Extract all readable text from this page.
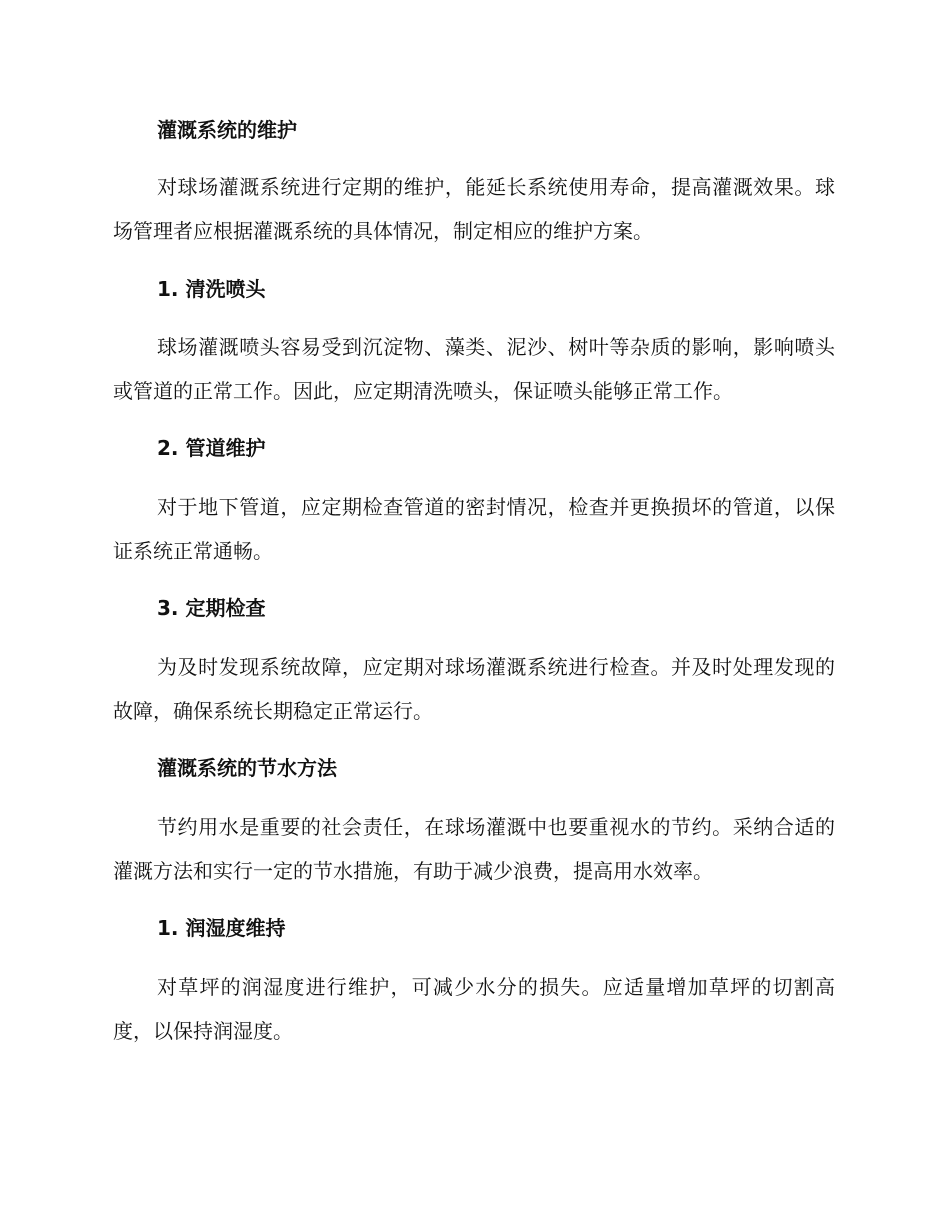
灌溉系统的维护
对球场灌溉系统进行定期的维护，能延长系统使用寿命，提高灌溉效果。球场管理者应根据灌溉系统的具体情况，制定相应的维护方案。
1. 清洗喷头
球场灌溉喷头容易受到沉淀物、藻类、泥沙、树叶等杂质的影响，影响喷头或管道的正常工作。因此，应定期清洗喷头，保证喷头能够正常工作。
2. 管道维护
对于地下管道，应定期检查管道的密封情况，检查并更换损坏的管道，以保证系统正常通畅。
3. 定期检查
为及时发现系统故障，应定期对球场灌溉系统进行检查。并及时处理发现的故障，确保系统长期稳定正常运行。
灌溉系统的节水方法
节约用水是重要的社会责任，在球场灌溉中也要重视水的节约。采纳合适的灌溉方法和实行一定的节水措施，有助于减少浪费，提高用水效率。
1. 润湿度维持
对草坪的润湿度进行维护，可减少水分的损失。应适量增加草坪的切割高度，以保持润湿度。
